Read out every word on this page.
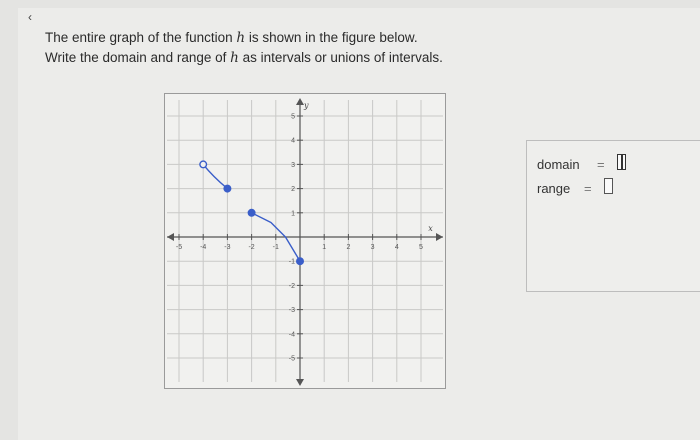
‹
The entire graph of the function h is shown in the figure below.
Write the domain and range of h as intervals or unions of intervals.
-5	-4	-3	-2	-1	1	2	3	4	5
5
4
3
2
1
-1
-2
-3
-4
-5
x
y
domain =
range =
